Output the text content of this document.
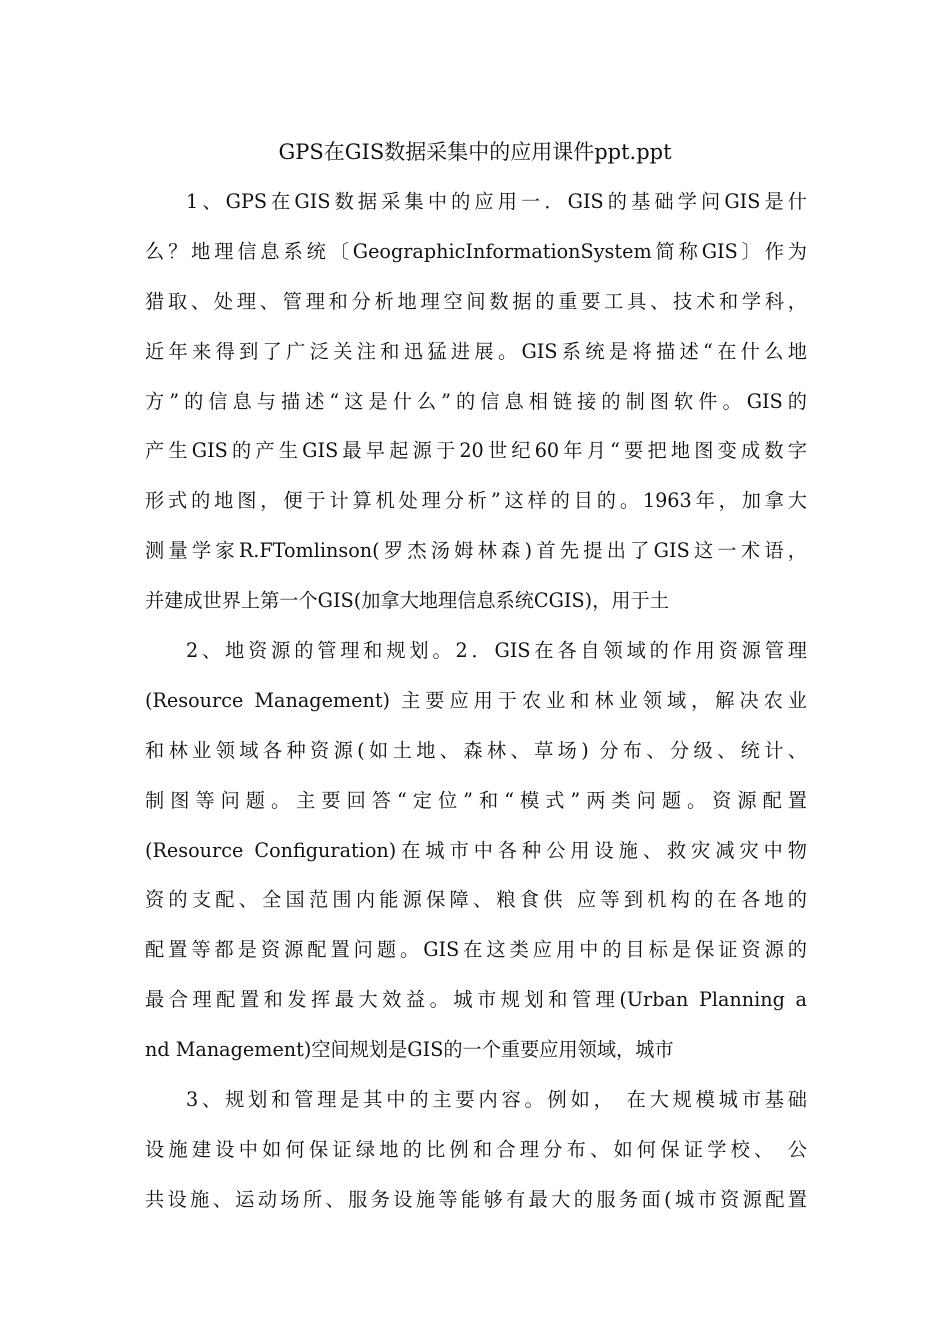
GPS在GIS数据采集中的应用课件ppt.ppt
1、GPS在GIS数据采集中的应用一．GIS的基础学问GIS是什
么？地理信息系统〔GeographicInformationSystem简称GIS〕作为
猎取、处理、管理和分析地理空间数据的重要工具、技术和学科，
近年来得到了广泛关注和迅猛进展。GIS系统是将描述“在什么地
方”的信息与描述“这是什么”的信息相链接的制图软件。GIS的
产生GIS的产生GIS最早起源于20世纪60年月“要把地图变成数字
形式的地图，便于计算机处理分析”这样的目的。1963年，加拿大
测量学家R.FTomlinson(罗杰汤姆林森)首先提出了GIS这一术语，
并建成世界上第一个GIS(加拿大地理信息系统CGIS)，用于土
2、地资源的管理和规划。2．GIS在各自领域的作用资源管理
(Resource Management) 主要应用于农业和林业领域，解决农业
和林业领域各种资源(如土地、森林、草场) 分布、分级、统计、
制图等问题。主要回答“定位”和“模式”两类问题。资源配置
(Resource Configuration)在城市中各种公用设施、救灾减灾中物
资的支配、全国范围内能源保障、粮食供 应等到机构的在各地的
配置等都是资源配置问题。GIS在这类应用中的目标是保证资源的
最合理配置和发挥最大效益。城市规划和管理(Urban Planning a
nd Management)空间规划是GIS的一个重要应用领域，城市
3、规划和管理是其中的主要内容。例如， 在大规模城市基础
设施建设中如何保证绿地的比例和合理分布、如何保证学校、 公
共设施、运动场所、服务设施等能够有最大的服务面(城市资源配置
